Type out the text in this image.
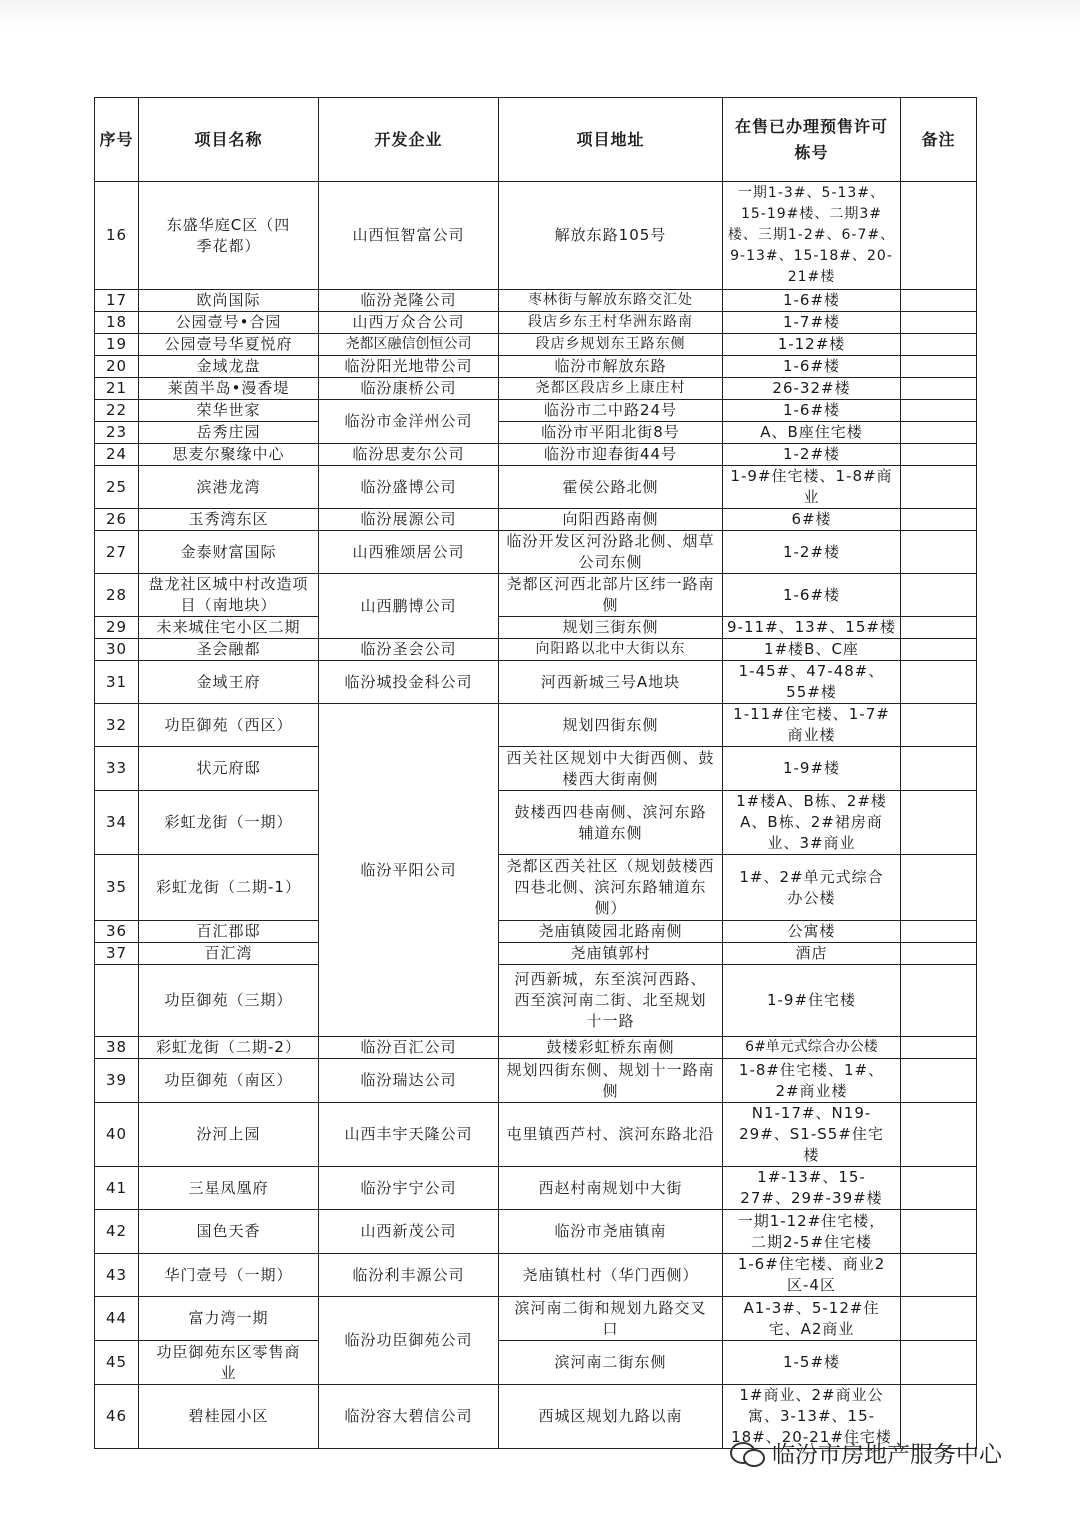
序号	项目名称	开发企业	项目地址	在售已办理预售许可栋号	备注
16	东盛华庭C区（四季花都）	山西恒智富公司	解放东路105号	一期1-3#、5-13#、15-19#楼、二期3#楼、三期1-2#、6-7#、9-13#、15-18#、20-21#楼	
17	欧尚国际	临汾尧隆公司	枣林街与解放东路交汇处	1-6#楼	
18	公园壹号•合园	山西万众合公司	段店乡东王村华洲东路南	1-7#楼	
19	公园壹号华夏悦府	尧都区融信创恒公司	段店乡规划东王路东侧	1-12#楼	
20	金域龙盘	临汾阳光地带公司	临汾市解放东路	1-6#楼	
21	莱茵半岛•漫香堤	临汾康桥公司	尧都区段店乡上康庄村	26-32#楼	
22	荣华世家	临汾市金洋州公司	临汾市二中路24号	1-6#楼	
23	岳秀庄园		临汾市平阳北街8号	A、B座住宅楼	
24	思麦尔聚缘中心	临汾思麦尔公司	临汾市迎春街44号	1-2#楼	
25	滨港龙湾	临汾盛博公司	霍侯公路北侧	1-9#住宅楼、1-8#商业	
26	玉秀湾东区	临汾展源公司	向阳西路南侧	6#楼	
27	金泰财富国际	山西雅颂居公司	临汾开发区河汾路北侧、烟草公司东侧	1-2#楼	
28	盘龙社区城中村改造项目（南地块）	山西鹏博公司	尧都区河西北部片区纬一路南侧	1-6#楼	
29	未来城住宅小区二期		规划三街东侧	9-11#、13#、15#楼	
30	圣会融都	临汾圣会公司	向阳路以北中大街以东	1#楼B、C座	
31	金域王府	临汾城投金科公司	河西新城三号A地块	1-45#、47-48#、55#楼	
32	功臣御苑（西区）	临汾平阳公司	规划四街东侧	1-11#住宅楼、1-7#商业楼	
33	状元府邸		西关社区规划中大街西侧、鼓楼西大街南侧	1-9#楼	
34	彩虹龙街（一期）		鼓楼西四巷南侧、滨河东路辅道东侧	1#楼A、B栋、2#楼A、B栋、2#裙房商业、3#商业	
35	彩虹龙街（二期-1）		尧都区西关社区（规划鼓楼西四巷北侧、滨河东路辅道东侧）	1#、2#单元式综合办公楼	
36	百汇郡邸		尧庙镇陵园北路南侧	公寓楼	
37	百汇湾		尧庙镇郭村	酒店	
	功臣御苑（三期）		河西新城，东至滨河西路、西至滨河南二街、北至规划十一路	1-9#住宅楼	
38	彩虹龙街（二期-2）	临汾百汇公司	鼓楼彩虹桥东南侧	6#单元式综合办公楼	
39	功臣御苑（南区）	临汾瑞达公司	规划四街东侧、规划十一路南侧	1-8#住宅楼、1#、2#商业楼	
40	汾河上园	山西丰宇天隆公司	屯里镇西芦村、滨河东路北沿	N1-17#、N19-29#、S1-S5#住宅楼	
41	三星凤凰府	临汾宇宁公司	西赵村南规划中大街	1#-13#、15-27#、29#-39#楼	
42	国色天香	山西新茂公司	临汾市尧庙镇南	一期1-12#住宅楼，二期2-5#住宅楼	
43	华门壹号（一期）	临汾利丰源公司	尧庙镇杜村（华门西侧）	1-6#住宅楼、商业2区-4区	
44	富力湾一期	临汾功臣御苑公司	滨河南二街和规划九路交叉口	A1-3#、5-12#住宅、A2商业	
45	功臣御苑东区零售商业		滨河南二街东侧	1-5#楼	
46	碧桂园小区	临汾容大碧信公司	西城区规划九路以南	1#商业、2#商业公寓、3-13#、15-18#、20-21#住宅楼	
临汾市房地产服务中心
